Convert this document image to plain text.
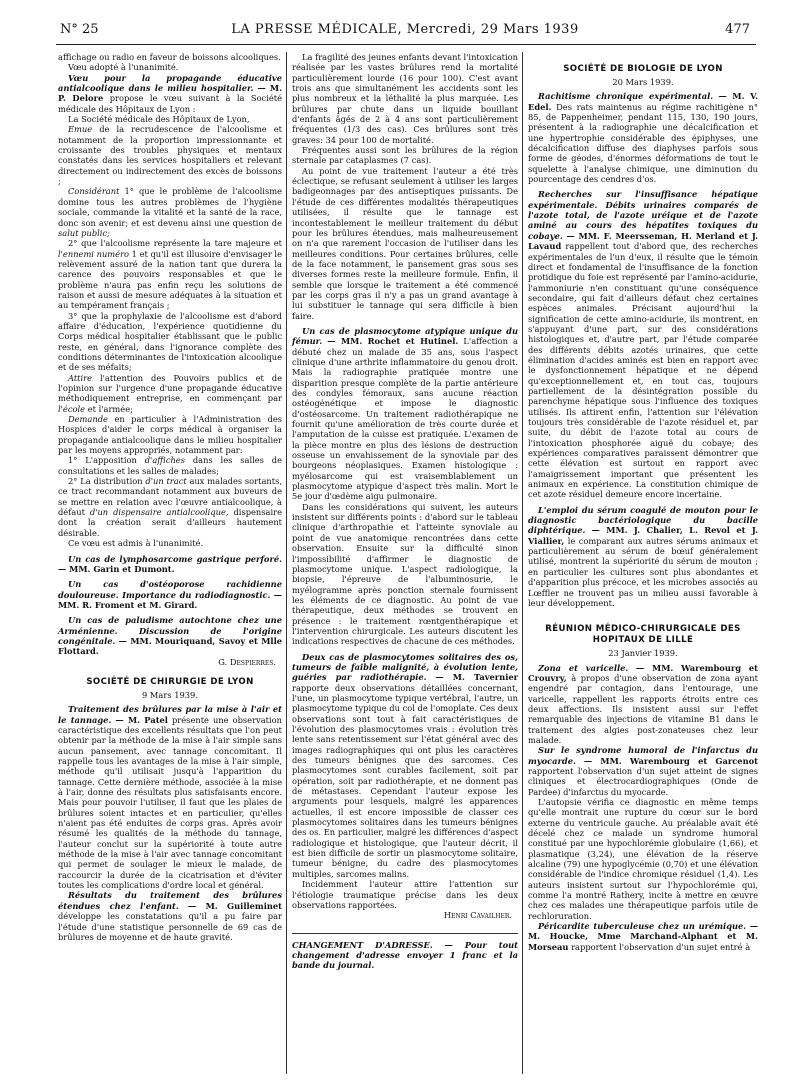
N° 25	LA PRESSE MÉDICALE, Mercredi, 29 Mars 1939	477

affichage ou radio en faveur de boissons alcooliques.

Vœu adopté à l'unanimité.

Vœu pour la propagande éducative antialcoolique dans le milieu hospitalier. — M. P. Delore propose le vœu suivant à la Société médicale des Hôpitaux de Lyon :

La Société médicale des Hôpitaux de Lyon,

Emue de la recrudescence de l'alcoolisme et notamment de la proportion impressionnante et croissante des troubles physiques et mentaux constatés dans les services hospitaliers et relevant directement ou indirectement des excès de boissons ;

Considérant 1° que le problème de l'alcoolisme domine tous les autres problèmes de l'hygiène sociale, commande la vitalité et la santé de la race, donc son avenir; et est devenu ainsi une question de salut public;

2° que l'alcoolisme représente la tare majeure et l'ennemi numéro 1 et qu'il est illusoire d'envisager le relèvement assuré de la nation tant que durera la carence des pouvoirs responsables et que le problème n'aura pas enfin reçu les solutions de raison et aussi de mesure adéquates à la situation et au tempérament français ;

3° que la prophylaxie de l'alcoolisme est d'abord affaire d'éducation, l'expérience quotidienne du Corps médical hospitalier établissant que le public reste, en général, dans l'ignorance complète des conditions déterminantes de l'intoxication alcoolique et de ses méfaits;

Attire l'attention des Pouvoirs publics et de l'opinion sur l'urgence d'une propagande éducative méthodiquement entreprise, en commençant par l'école et l'armée;

Demande en particulier à l'Administration des Hospices d'aider le corps médical à organiser la propagande antialcoolique dans le milieu hospitalier par les moyens appropriés, notamment par:

1° L'apposition d'affiches dans les salles de consultations et les salles de malades;

2° La distribution d'un tract aux malades sortants, ce tract recommandant notamment aux buveurs de se mettre en relation avec l'œuvre antialcoolique, à défaut d'un dispensaire antialcoolique, dispensaire dont la création serait d'ailleurs hautement désirable.

Ce vœu est admis à l'unanimité.

Un cas de lymphosarcome gastrique perforé. — MM. Garin et Dumont.

Un cas d'ostéoporose rachidienne douloureuse. Importance du radiodiagnostic. — MM. R. Froment et M. Girard.

Un cas de paludisme autochtone chez une Arménienne. Discussion de l'origine congénitale. — MM. Mouriquand, Savoy et Mlle Flottard.

G. Despierres.

SOCIÉTÉ DE CHIRURGIE DE LYON

9 Mars 1939.

Traitement des brûlures par la mise à l'air et le tannage. — M. Patel présente une observation caractéristique des excellents résultats que l'on peut obtenir par la méthode de la mise à l'air simple sans aucun pansement, avec tannage concomitant. Il rappelle tous les avantages de la mise à l'air simple, méthode qu'il utilisait jusqu'à l'apparition du tannage. Cette dernière méthode, associée à la mise à l'air, donne des résultats plus satisfaisants encore. Mais pour pouvoir l'utiliser, il faut que les plaies de brûlures soient intactes et en particulier, qu'elles n'aient pas été enduites de corps gras. Après avoir résumé les qualités de la méthode du tannage, l'auteur conclut sur la supériorité à toute autre méthode de la mise à l'air avec tannage concomitant qui permet de soulager le mieux le malade, de raccourcir la durée de la cicatrisation et d'éviter toutes les complications d'ordre local et général.

Résultats du traitement des brûlures étendues chez l'enfant. — M. Guilleminet développe les constatations qu'il a pu faire par l'étude d'une statistique personnelle de 69 cas de brûlures de moyenne et de haute gravité.

La fragilité des jeunes enfants devant l'intoxication réalisée par les vastes brûlures rend la mortalité particulièrement lourde (16 pour 100). C'est avant trois ans que simultanément les accidents sont les plus nombreux et la léthalité la plus marquée. Les brûlures par chute dans un liquide bouillant d'enfants âgés de 2 à 4 ans sont particulièrement fréquentes (1/3 des cas). Ces brûlures sont très graves: 34 pour 100 de mortalité.

Fréquentes aussi sont les brûlures de la région sternale par cataplasmes (7 cas).

Au point de vue traitement l'auteur a été très éclectique, se refusant seulement à utiliser les larges badigeonnages par des antiseptiques puissants. De l'étude de ces différentes modalités thérapeutiques utilisées, il résulte que le tannage est incontestablement le meilleur traitement du début pour les brûlures étendues, mais malheureusement on n'a que rarement l'occasion de l'utiliser dans les meilleures conditions. Pour certaines brûlures, celle de la face notamment, le pansement gras sous ses diverses formes reste la meilleure formule. Enfin, il semble que lorsque le traitement a été commencé par les corps gras il n'y a pas un grand avantage à lui substituer le tannage qui sera difficile à bien faire.

Un cas de plasmocytome atypique unique du fémur. — MM. Rochet et Hutinel. L'affection a débuté chez un malade de 35 ans, sous l'aspect clinique d'une arthrite inflammatoire du genou droit. Mais la radiographie pratiquée montre une disparition presque complète de la partie antérieure des condyles fémoraux, sans aucune réaction ostéogénétique et impose le diagnostic d'ostéosarcome. Un traitement radiothérapique ne fournit qu'une amélioration de très courte durée et l'amputation de la cuisse est pratiquée. L'examen de la pièce montre en plus des lésions de destruction osseuse un envahissement de la synoviale par des bourgeons néoplasiques. Examen histologique : myélosarcome qui est vraisemblablement un plasmocytome atypique d'aspect très malin. Mort le 5e jour d'œdème aigu pulmonaire.

Dans les considérations qui suivent, les auteurs insistent sur différents points : d'abord sur le tableau clinique d'arthropathie et l'atteinte synoviale au point de vue anatomique rencontrées dans cette observation. Ensuite sur la difficulté sinon l'impossibilité d'affirmer le diagnostic de plasmocytome unique. L'aspect radiologique, la biopsie, l'épreuve de l'albuminosurie, le myélogramme après ponction sternale fournissent les éléments de ce diagnostic. Au point de vue thérapeutique, deux méthodes se trouvent en présence : le traitement rœntgenthérapique et l'intervention chirurgicale. Les auteurs discutent les indications respectives de chacune de ces méthodes.

Deux cas de plasmocytomes solitaires des os, tumeurs de faible malignité, à évolution lente, guéries par radiothérapie. — M. Tavernier rapporte deux observations détaillées concernant, l'une, un plasmocytome typique vertébral, l'autre, un plasmocytome typique du col de l'omoplate. Ces deux observations sont tout à fait caractéristiques de l'évolution des plasmocytomes vrais : évolution très lente sans retentissement sur l'état général avec des images radiographiques qui ont plus les caractères des tumeurs bénignes que des sarcomes. Ces plasmocytomes sont curables facilement, soit par opération, soit par radiothérapie, et ne donnent pas de métastases. Cependant l'auteur expose les arguments pour lesquels, malgré les apparences actuelles, il est encore impossible de classer ces plasmocytomes solitaires dans les tumeurs bénignes des os. En particulier, malgré les différences d'aspect radiologique et histologique, que l'auteur décrit, il est bien difficile de sortir un plasmocytome solitaire, tumeur bénigne, du cadre des plasmocytomes multiples, sarcomes malins.

Incidemment l'auteur attire l'attention sur l'étiologie traumatique précise dans les deux observations rapportées.

Henri Cavailher.

CHANGEMENT D'ADRESSE. — Pour tout changement d'adresse envoyer 1 franc et la bande du journal.

SOCIÉTÉ DE BIOLOGIE DE LYON

20 Mars 1939.

Rachitisme chronique expérimental. — M. V. Edel. Des rats maintenus au régime rachitigène n° 85, de Pappenheimer, pendant 115, 130, 190 jours, présentent à la radiographie une décalcification et une hypertrophie considérable des épiphyses, une décalcification diffuse des diaphyses parfois sous forme de géodes, d'énormes déformations de tout le squelette à l'analyse chimique, une diminution du pourcentage des cendres d'os.

Recherches sur l'insuffisance hépatique expérimentale. Débits urinaires comparés de l'azote total, de l'azote uréique et de l'azote aminé au cours des hépatites toxiques du cobaye. — MM. F. Meersseman, H. Merland et J. Lavaud rappellent tout d'abord que, des recherches expérimentales de l'un d'eux, il résulte que le témoin direct et fondamental de l'insuffisance de la fonction protidique du foie est représenté par l'amino-acidurie, l'ammoniurie n'en constituant qu'une conséquence secondaire, qui fait d'ailleurs défaut chez certaines espèces animales. Précisant aujourd'hui la signification de cette amino-acidurie, ils montrent, en s'appuyant d'une part, sur des considérations histologiques et, d'autre part, par l'étude comparée des différents débits azotés urinaires, que cette élimination d'acides aminés est bien en rapport avec le dysfonctionnement hépatique et ne dépend qu'exceptionnellement et, en tout cas, toujours partiellement de la désintégration possible du parenchyme hépatique sous l'influence des toxiques utilisés. Ils attirent enfin, l'attention sur l'élévation toujours très considérable de l'azote résiduel et, par suite, du débit de l'azote total au cours de l'intoxication phosphorée aiguë du cobaye; des expériences comparatives paraissent démontrer que cette élévation est surtout en rapport avec l'amaigrissement important que présentent les animaux en expérience. La constitution chimique de cet azote résiduel demeure encore incertaine.

L'emploi du sérum coagulé de mouton pour le diagnostic bactériologique du bacille diphtérique. — MM. J. Chalier, L. Revol et J. Viallier, le comparant aux autres sérums animaux et particulièrement au sérum de bœuf généralement utilisé, montrent la supériorité du sérum de mouton ; en particulier les cultures sont plus abondantes et d'apparition plus précoce, et les microbes associés au Lœffler ne trouvent pas un milieu aussi favorable à leur développement.

RÉUNION MÉDICO-CHIRURGICALE DES HOPITAUX DE LILLE

23 Janvier 1939.

Zona et varicelle. — MM. Warembourg et Crouvry, à propos d'une observation de zona ayant engendré par contagion, dans l'entourage, une varicelle, rappellent les rapports étroits entre ces deux affections. Ils insistent aussi sur l'effet remarquable des injections de vitamine B1 dans le traitement des algies post-zonateuses chez leur malade.

Sur le syndrome humoral de l'infarctus du myocarde. — MM. Warembourg et Garcenot rapportent l'observation d'un sujet atteint de signes cliniques et électrocardiographiques (Onde de Pardee) d'infarctus du myocarde.

L'autopsie vérifia ce diagnostic en même temps qu'elle montrait une rupture du cœur sur le bord externe du ventricule gauche. Au préalable avait été décelé chez ce malade un syndrome humoral constitué par une hypochlorémie globulaire (1,66), et plasmatique (3,24), une élévation de la réserve alcaline (79) une hypoglycémie (0,70) et une élévation considérable de l'indice chromique résiduel (1,4). Les auteurs insistent surtout sur l'hypochlorémie qui, comme l'a montré Rathery, incite à mettre en œuvre chez ces malades une thérapeutique parfois utile de rechloruration.

Péricardite tuberculeuse chez un urémique. — M. Houcke, Mme Marchand-Alphant et M. Morseau rapportent l'observation d'un sujet entré à
